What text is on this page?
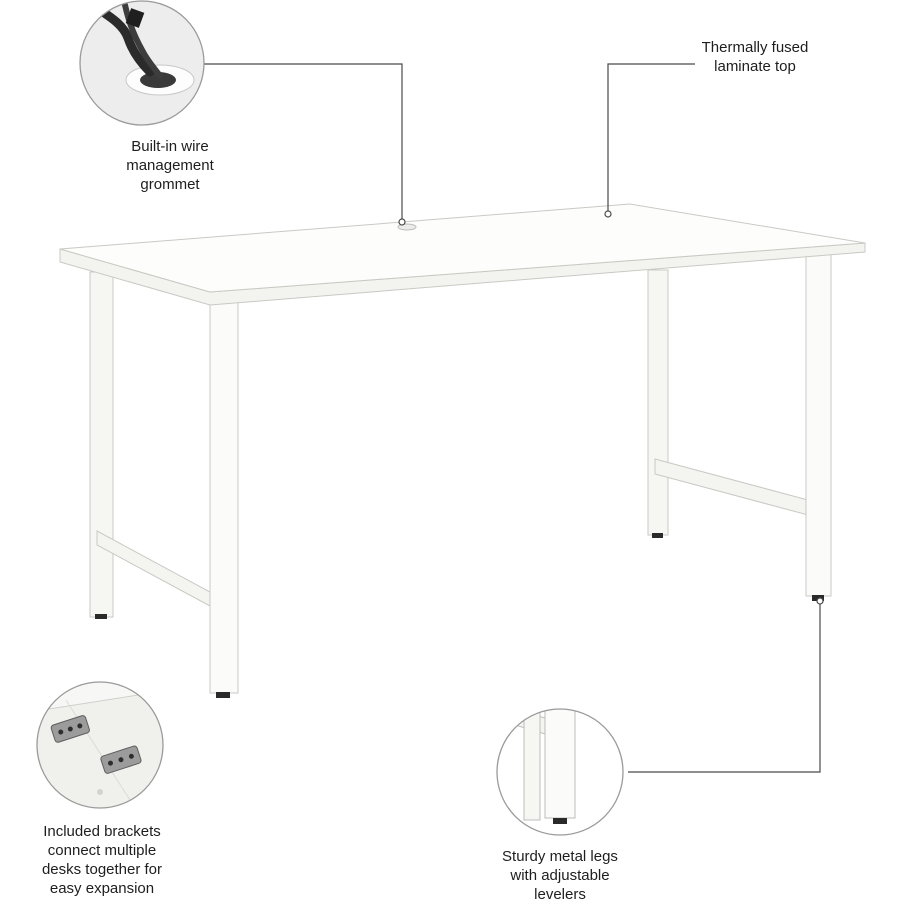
Built-in wire
management
grommet
Thermally fused
laminate top
Included brackets
connect multiple
desks together for
easy expansion
Sturdy metal legs
with adjustable
levelers
